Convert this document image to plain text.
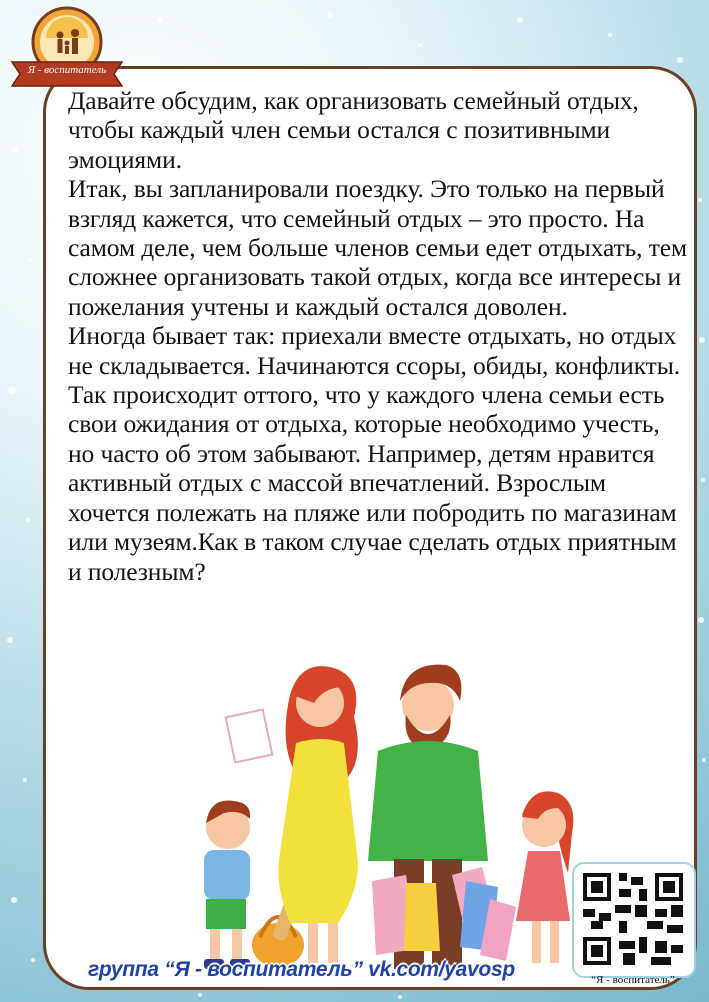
Я - воспитатель

Давайте обсудим, как организовать семейный отдых, чтобы каждый член семьи остался с позитивными эмоциями.

Итак, вы запланировали поездку. Это только на первый взгляд кажется, что семейный отдых – это просто. На самом деле, чем больше членов семьи едет отдыхать, тем сложнее организовать такой отдых, когда все интересы и пожелания учтены и каждый остался доволен.

Иногда бывает так: приехали вместе отдыхать, но отдых не складывается. Начинаются ссоры, обиды, конфликты. Так происходит оттого, что у каждого члена семьи есть свои ожидания от отдыха, которые необходимо учесть, но часто об этом забывают. Например, детям нравится активный отдых с массой впечатлений. Взрослым хочется полежать на пляже или побродить по магазинам или музеям.Как в таком случае сделать отдых приятным и полезным?

“Я - воспитатель”
группа “Я - воспитатель” vk.com/yavosp
